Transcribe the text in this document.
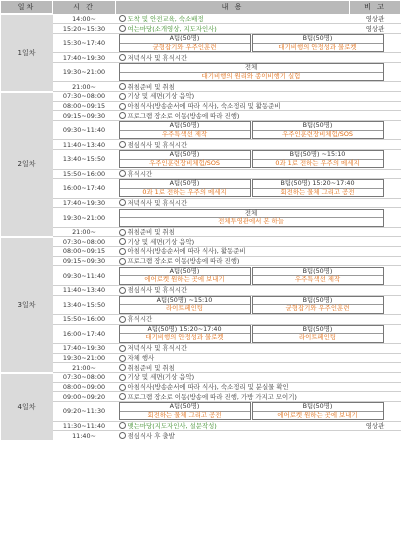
일차	시 간	내 용	비 고
1일차	14:00~	도착 및 안전교육, 숙소배정	영상관
	15:20~15:30	여는마당(소개영상, 지도자인사)	영상관
	15:30~17:40	A팀(50명)
균형잡기와 우주인훈련
B팀(50명)
대기비행의 안정성과 물로켓	

	17:40~19:30	저녁식사 및 휴식시간	
	19:30~21:00	전체
대기비행의 원리와 종이비행기 실험	

	21:00~	취침준비 및 취침	
2일차	07:30~08:00	기상 및 세면(기상 음악)	
	08:00~09:15	아침식사(방송순서에 따라 식사), 숙소정리 및 활동준비	
	09:15~09:30	프로그램 장소로 이동(방송에 따라 진행)	
	09:30~11:40	A팀(50명)
우주특색선 제작
B팀(50명)
우주인훈련장비체험/SOS	

	11:40~13:40	점심식사 및 휴식시간	
	13:40~15:50	A팀(50명)
우주인훈련장비체험/SOS
B팀(50명) ~15:10
0과 1로 전하는 우주의 메세지	

	15:50~16:00	휴식시간	
	16:00~17:40	A팀(50명)
0과 1로 전하는 우주의 메세지
B팀(50명) 15:20~17:40
회전하는 물체 그리고 공전	

	17:40~19:30	저녁식사 및 휴식시간	
	19:30~21:00	전체
전체투영관에서 본 하늘	

	21:00~	취침준비 및 취침	
3일차	07:30~08:00	기상 및 세면(기상 음악)	
	08:00~09:15	아침식사(방송순서에 따라 식사), 활동준비	
	09:15~09:30	프로그램 장소로 이동(방송에 따라 진행)	
	09:30~11:40	A팀(50명)
에어로켓 원하는 곳에 보내기
B팀(50명)
우주특색선 제작	

	11:40~13:40	점심식사 및 휴식시간	
	13:40~15:50	A팀(50명) ~15:10
라이트페인팅
B팀(50명)
균형잡기와 우주인훈련	

	15:50~16:00	휴식시간	
	16:00~17:40	A팀(50명) 15:20~17:40
대기비행의 안정성과 물로켓
B팀(50명)
라이트페인팅	

	17:40~19:30	저녁식사 및 휴식시간	
	19:30~21:00	자체 행사	
	21:00~	취침준비 및 취침	
4일차	07:30~08:00	기상 및 세면(기상 음악)	
	08:00~09:00	아침식사(방송순서에 따라 식사), 숙소정리 및 분실물 확인	
	09:00~09:20	프로그램 장소로 이동(방송에 따라 진행, 가방 가지고 모이기)	
	09:20~11:30	A팀(50명)
회전하는 물체 그리고 공전
B팀(50명)
에어로켓 원하는 곳에 보내기	

	11:30~11:40	맺는마당(지도자인사, 설문작성)	영상관
	11:40~	점심식사 후 출발	
